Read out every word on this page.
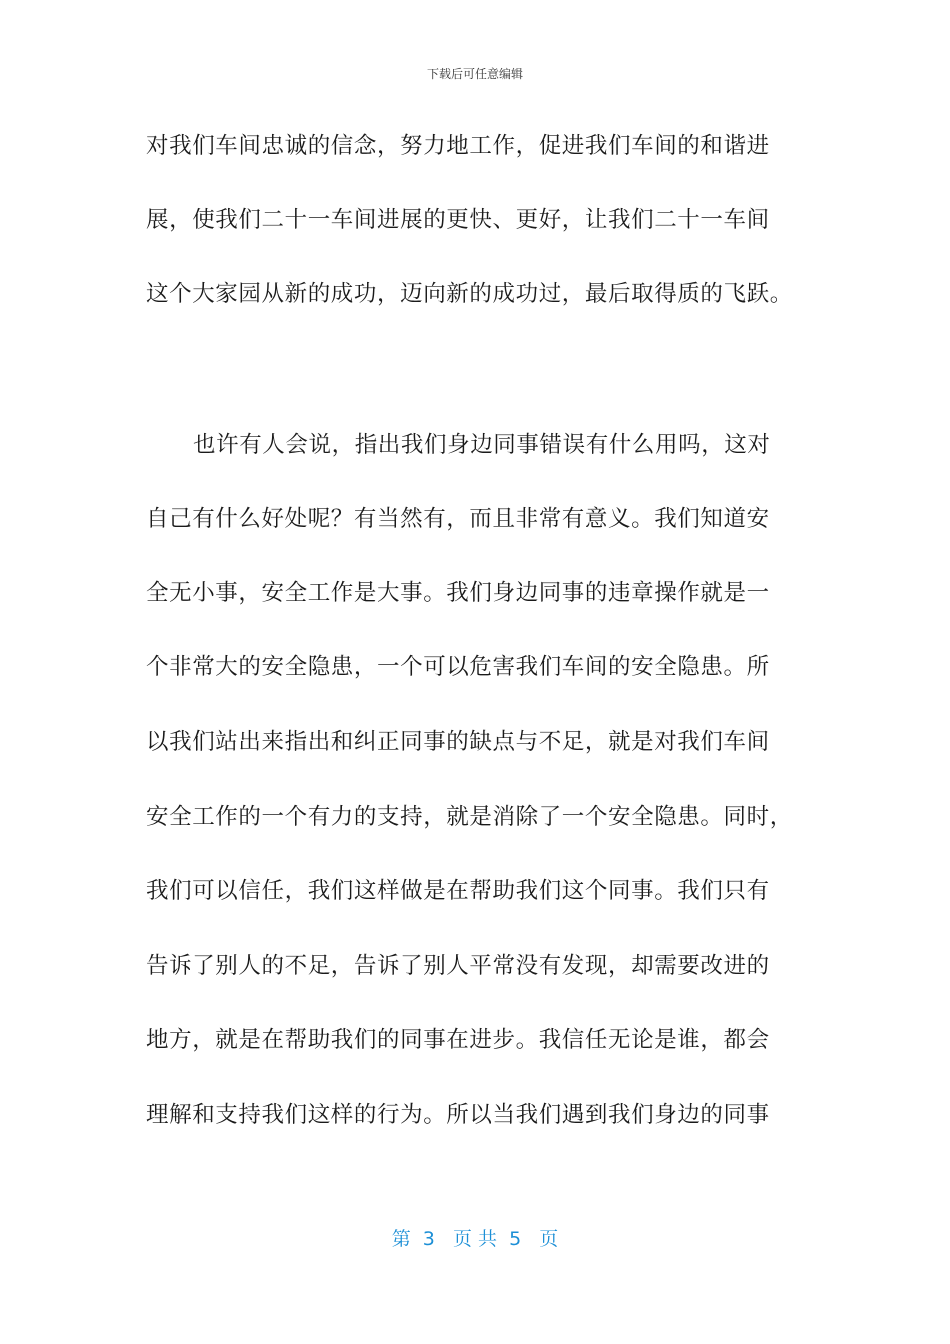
下载后可任意编辑
对我们车间忠诚的信念，努力地工作，促进我们车间的和谐进
展，使我们二十一车间进展的更快、更好，让我们二十一车间
这个大家园从新的成功，迈向新的成功过，最后取得质的飞跃。
也许有人会说，指出我们身边同事错误有什么用吗，这对
自己有什么好处呢？有当然有，而且非常有意义。我们知道安
全无小事，安全工作是大事。我们身边同事的违章操作就是一
个非常大的安全隐患，一个可以危害我们车间的安全隐患。所
以我们站出来指出和纠正同事的缺点与不足，就是对我们车间
安全工作的一个有力的支持，就是消除了一个安全隐患。同时，
我们可以信任，我们这样做是在帮助我们这个同事。我们只有
告诉了别人的不足，告诉了别人平常没有发现，却需要改进的
地方，就是在帮助我们的同事在进步。我信任无论是谁，都会
理解和支持我们这样的行为。所以当我们遇到我们身边的同事
第  3   页 共  5   页
